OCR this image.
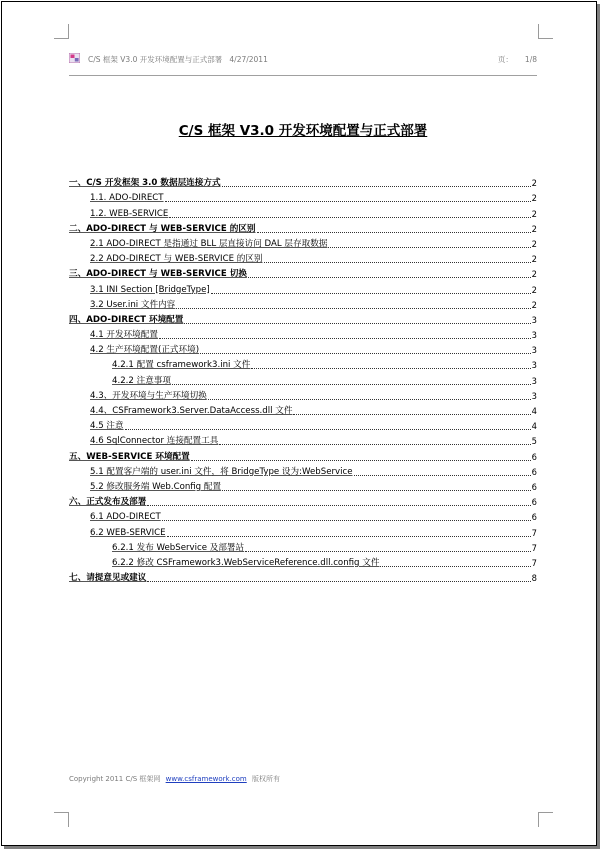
C/S 框架 V3.0 开发环境配置与正式部署 4/27/2011	页： 1/8
C/S 框架 V3.0 开发环境配置与正式部署
一、C/S 开发框架 3.0 数据层连接方式	2
1.1. ADO-DIRECT	2
1.2. WEB-SERVICE	2
二、ADO-DIRECT 与 WEB-SERVICE 的区别	2
2.1 ADO-DIRECT 是指通过 BLL 层直接访问 DAL 层存取数据	2
2.2 ADO-DIRECT 与 WEB-SERVICE 的区别	2
三、ADO-DIRECT 与 WEB-SERVICE 切换	2
3.1 INI Section [BridgeType]	2
3.2 User.ini 文件内容	2
四、ADO-DIRECT 环境配置	3
4.1 开发环境配置	3
4.2 生产环境配置(正式环境)	3
4.2.1 配置 csframework3.ini 文件	3
4.2.2 注意事项	3
4.3、开发环境与生产环境切换	3
4.4、CSFramework3.Server.DataAccess.dll 文件	4
4.5 注意	4
4.6 SqlConnector 连接配置工具	5
五、WEB-SERVICE 环境配置	6
5.1 配置客户端的 user.ini 文件，将 BridgeType 设为:WebService	6
5.2 修改服务端 Web.Config 配置	6
六、正式发布及部署	6
6.1 ADO-DIRECT	6
6.2 WEB-SERVICE	7
6.2.1 发布 WebService 及部署站	7
6.2.2 修改 CSFramework3.WebServiceReference.dll.config 文件	7
七、请提意见或建议	8
Copyright 2011 C/S 框架网 www.csframework.com 版权所有
